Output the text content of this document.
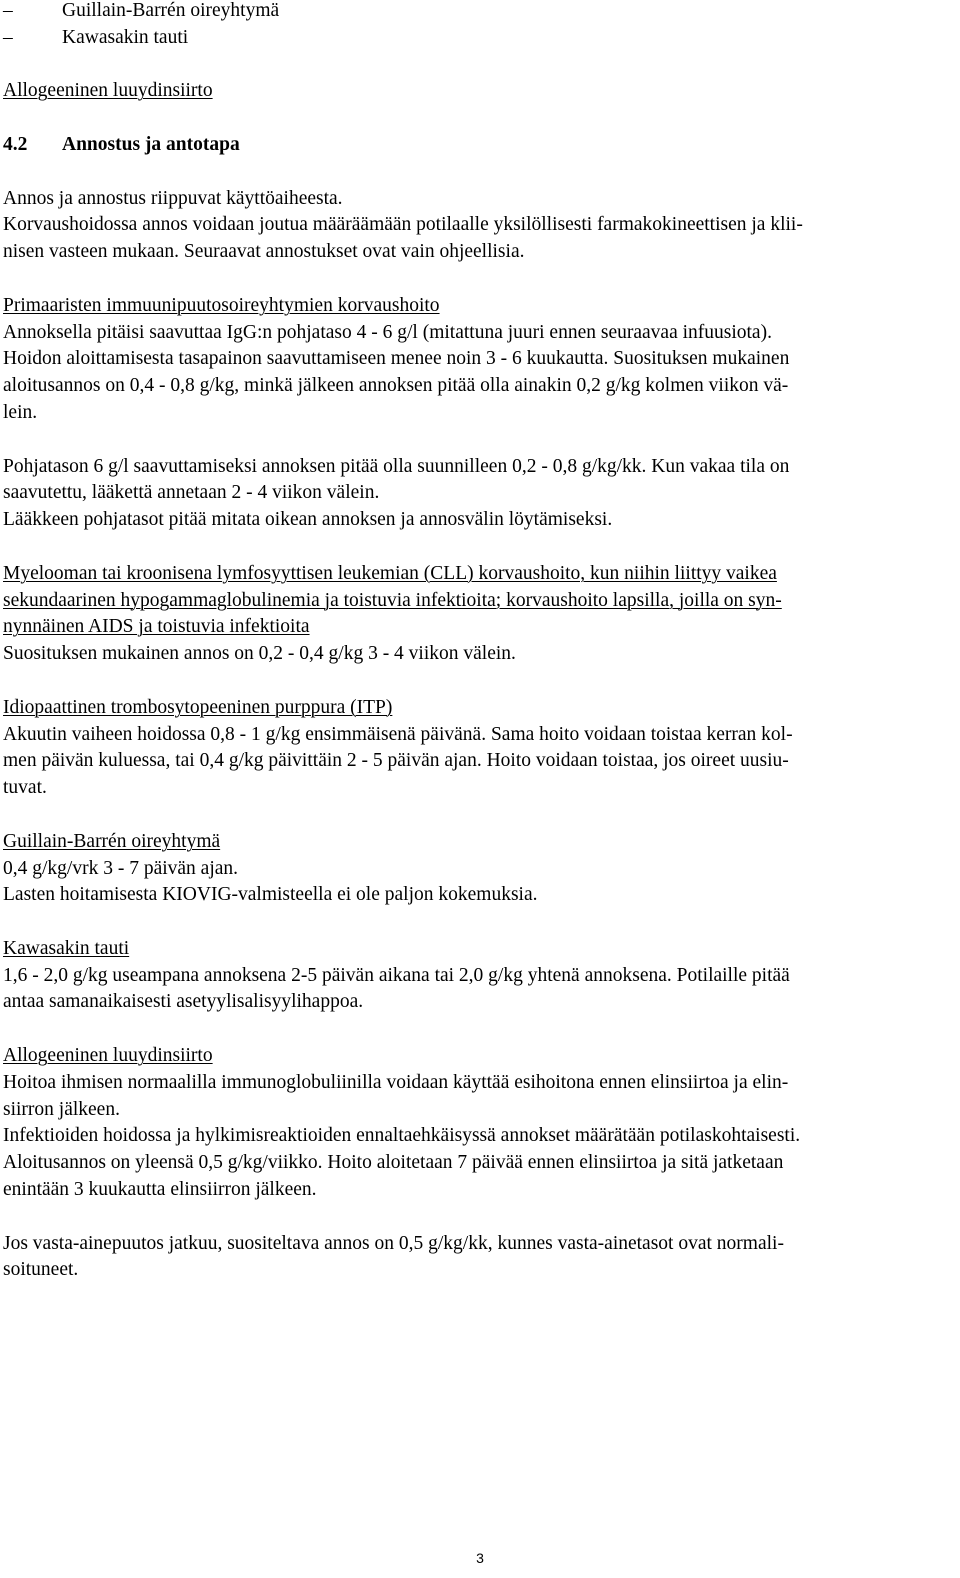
–	Guillain-Barrén oireyhtymä
–	Kawasakin tauti
Allogeeninen luuydinsiirto
4.2	Annostus ja antotapa
Annos ja annostus riippuvat käyttöaiheesta.
Korvaushoidossa annos voidaan joutua määräämään potilaalle yksilöllisesti farmakokineettisen ja klii-
nisen vasteen mukaan. Seuraavat annostukset ovat vain ohjeellisia.
Primaaristen immuunipuutosoireyhtymien korvaushoito
Annoksella pitäisi saavuttaa IgG:n pohjataso 4 - 6 g/l (mitattuna juuri ennen seuraavaa infuusiota).
Hoidon aloittamisesta tasapainon saavuttamiseen menee noin 3 - 6 kuukautta. Suosituksen mukainen
aloitusannos on 0,4 - 0,8 g/kg, minkä jälkeen annoksen pitää olla ainakin 0,2 g/kg kolmen viikon vä-
lein.
Pohjatason 6 g/l saavuttamiseksi annoksen pitää olla suunnilleen 0,2 - 0,8 g/kg/kk. Kun vakaa tila on
saavutettu, lääkettä annetaan 2 - 4 viikon välein.
Lääkkeen pohjatasot pitää mitata oikean annoksen ja annosvälin löytämiseksi.
Myelooman tai kroonisena lymfosyyttisen leukemian (CLL) korvaushoito, kun niihin liittyy vaikea
sekundaarinen hypogammaglobulinemia ja toistuvia infektioita; korvaushoito lapsilla, joilla on syn-
nynnäinen AIDS ja toistuvia infektioita
Suosituksen mukainen annos on 0,2 - 0,4 g/kg 3 - 4 viikon välein.
Idiopaattinen trombosytopeeninen purppura (ITP)
Akuutin vaiheen hoidossa 0,8 - 1 g/kg ensimmäisenä päivänä. Sama hoito voidaan toistaa kerran kol-
men päivän kuluessa, tai 0,4 g/kg päivittäin 2 - 5 päivän ajan. Hoito voidaan toistaa, jos oireet uusiu-
tuvat.
Guillain-Barrén oireyhtymä
0,4 g/kg/vrk 3 - 7 päivän ajan.
Lasten hoitamisesta KIOVIG-valmisteella ei ole paljon kokemuksia.
Kawasakin tauti
1,6 - 2,0 g/kg useampana annoksena 2-5 päivän aikana tai 2,0 g/kg yhtenä annoksena. Potilaille pitää
antaa samanaikaisesti asetyylisalisyylihappoa.
Allogeeninen luuydinsiirto
Hoitoa ihmisen normaalilla immunoglobuliinilla voidaan käyttää esihoitona ennen elinsiirtoa ja elin-
siirron jälkeen.
Infektioiden hoidossa ja hylkimisreaktioiden ennaltaehkäisyssä annokset määrätään potilaskohtaisesti.
Aloitusannos on yleensä 0,5 g/kg/viikko. Hoito aloitetaan 7 päivää ennen elinsiirtoa ja sitä jatketaan
enintään 3 kuukautta elinsiirron jälkeen.
Jos vasta-ainepuutos jatkuu, suositeltava annos on 0,5 g/kg/kk, kunnes vasta-ainetasot ovat normali-
soituneet.
3
